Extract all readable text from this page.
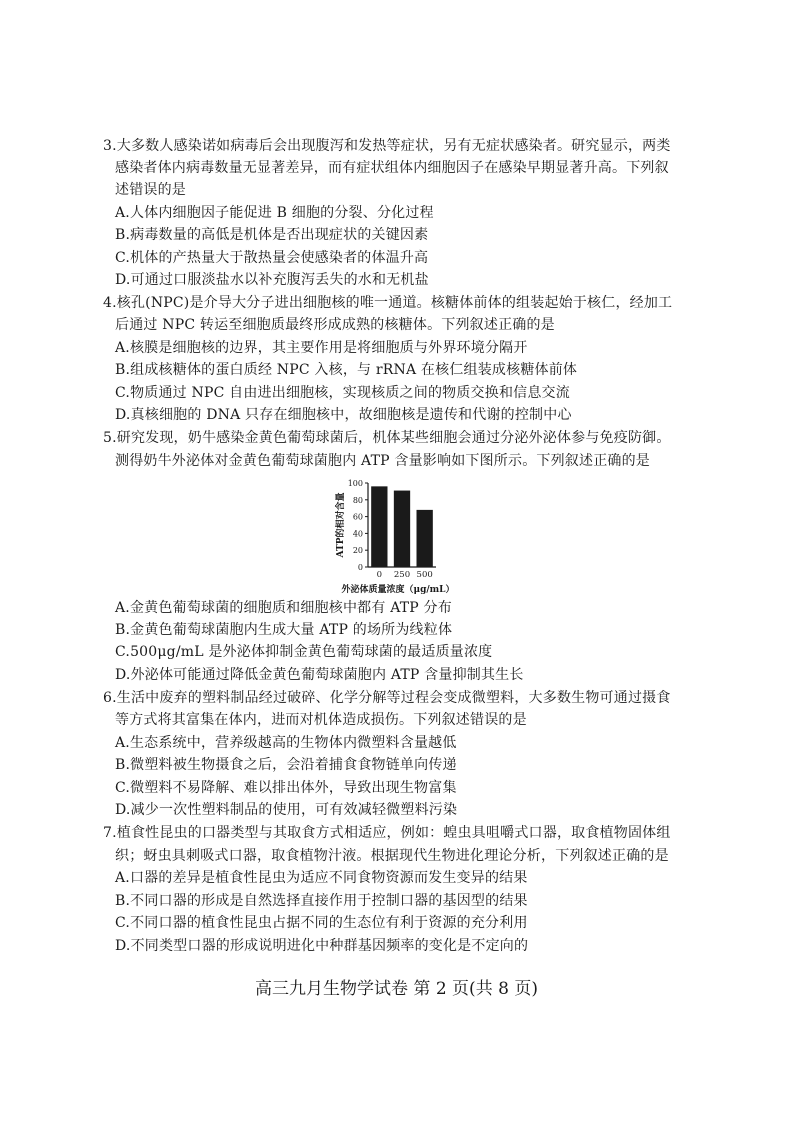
3.大多数人感染诺如病毒后会出现腹泻和发热等症状，另有无症状感染者。研究显示，两类
感染者体内病毒数量无显著差异，而有症状组体内细胞因子在感染早期显著升高。下列叙
述错误的是
A.人体内细胞因子能促进 B 细胞的分裂、分化过程
B.病毒数量的高低是机体是否出现症状的关键因素
C.机体的产热量大于散热量会使感染者的体温升高
D.可通过口服淡盐水以补充腹泻丢失的水和无机盐
4.核孔(NPC)是介导大分子进出细胞核的唯一通道。核糖体前体的组装起始于核仁，经加工
后通过 NPC 转运至细胞质最终形成成熟的核糖体。下列叙述正确的是
A.核膜是细胞核的边界，其主要作用是将细胞质与外界环境分隔开
B.组成核糖体的蛋白质经 NPC 入核，与 rRNA 在核仁组装成核糖体前体
C.物质通过 NPC 自由进出细胞核，实现核质之间的物质交换和信息交流
D.真核细胞的 DNA 只存在细胞核中，故细胞核是遗传和代谢的控制中心
5.研究发现，奶牛感染金黄色葡萄球菌后，机体某些细胞会通过分泌外泌体参与免疫防御。
测得奶牛外泌体对金黄色葡萄球菌胞内 ATP 含量影响如下图所示。下列叙述正确的是
0
20
40
60
80
100
0 250 500
ATP的相对含量
外泌体质量浓度（μg/mL）
A.金黄色葡萄球菌的细胞质和细胞核中都有 ATP 分布
B.金黄色葡萄球菌胞内生成大量 ATP 的场所为线粒体
C.500μg/mL 是外泌体抑制金黄色葡萄球菌的最适质量浓度
D.外泌体可能通过降低金黄色葡萄球菌胞内 ATP 含量抑制其生长
6.生活中废弃的塑料制品经过破碎、化学分解等过程会变成微塑料，大多数生物可通过摄食
等方式将其富集在体内，进而对机体造成损伤。下列叙述错误的是
A.生态系统中，营养级越高的生物体内微塑料含量越低
B.微塑料被生物摄食之后，会沿着捕食食物链单向传递
C.微塑料不易降解、难以排出体外，导致出现生物富集
D.减少一次性塑料制品的使用，可有效减轻微塑料污染
7.植食性昆虫的口器类型与其取食方式相适应，例如：蝗虫具咀嚼式口器，取食植物固体组
织；蚜虫具刺吸式口器，取食植物汁液。根据现代生物进化理论分析，下列叙述正确的是
A.口器的差异是植食性昆虫为适应不同食物资源而发生变异的结果
B.不同口器的形成是自然选择直接作用于控制口器的基因型的结果
C.不同口器的植食性昆虫占据不同的生态位有利于资源的充分利用
D.不同类型口器的形成说明进化中种群基因频率的变化是不定向的
高三九月生物学试卷 第 2 页(共 8 页)
